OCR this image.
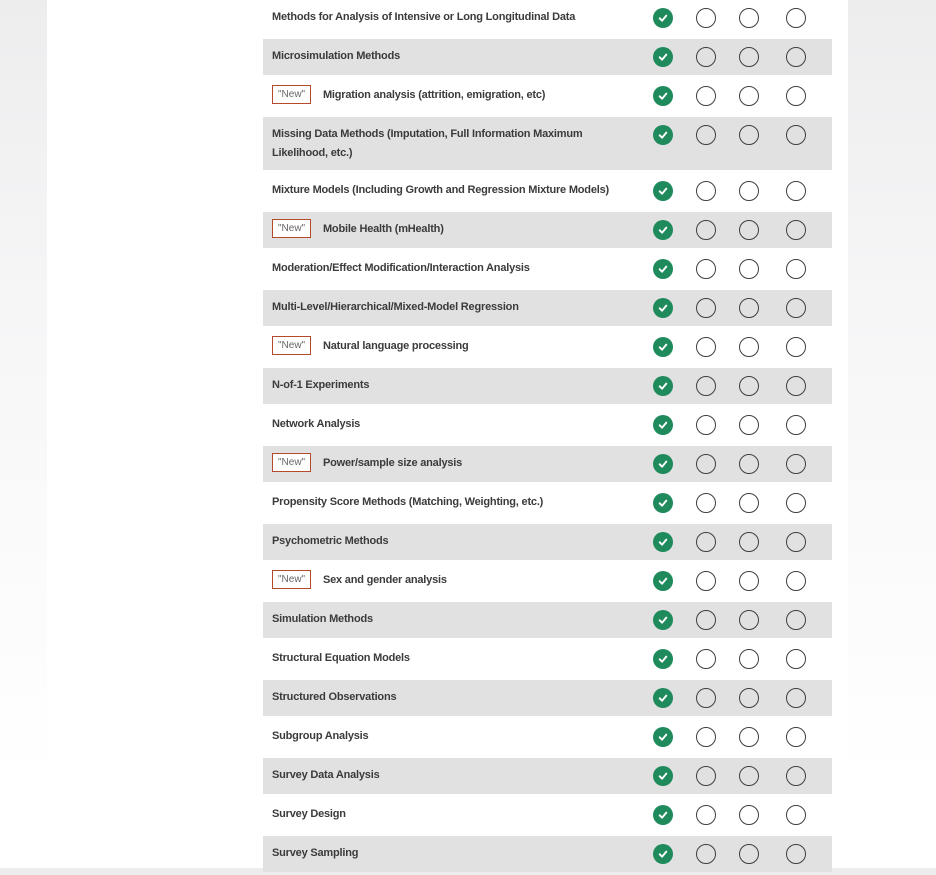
Methods for Analysis of Intensive or Long Longitudinal Data
Microsimulation Methods
"New" Migration analysis (attrition, emigration, etc)
Missing Data Methods (Imputation, Full Information Maximum Likelihood, etc.)
Mixture Models (Including Growth and Regression Mixture Models)
"New" Mobile Health (mHealth)
Moderation/Effect Modification/Interaction Analysis
Multi-Level/Hierarchical/Mixed-Model Regression
"New" Natural language processing
N-of-1 Experiments
Network Analysis
"New" Power/sample size analysis
Propensity Score Methods (Matching, Weighting, etc.)
Psychometric Methods
"New" Sex and gender analysis
Simulation Methods
Structural Equation Models
Structured Observations
Subgroup Analysis
Survey Data Analysis
Survey Design
Survey Sampling
